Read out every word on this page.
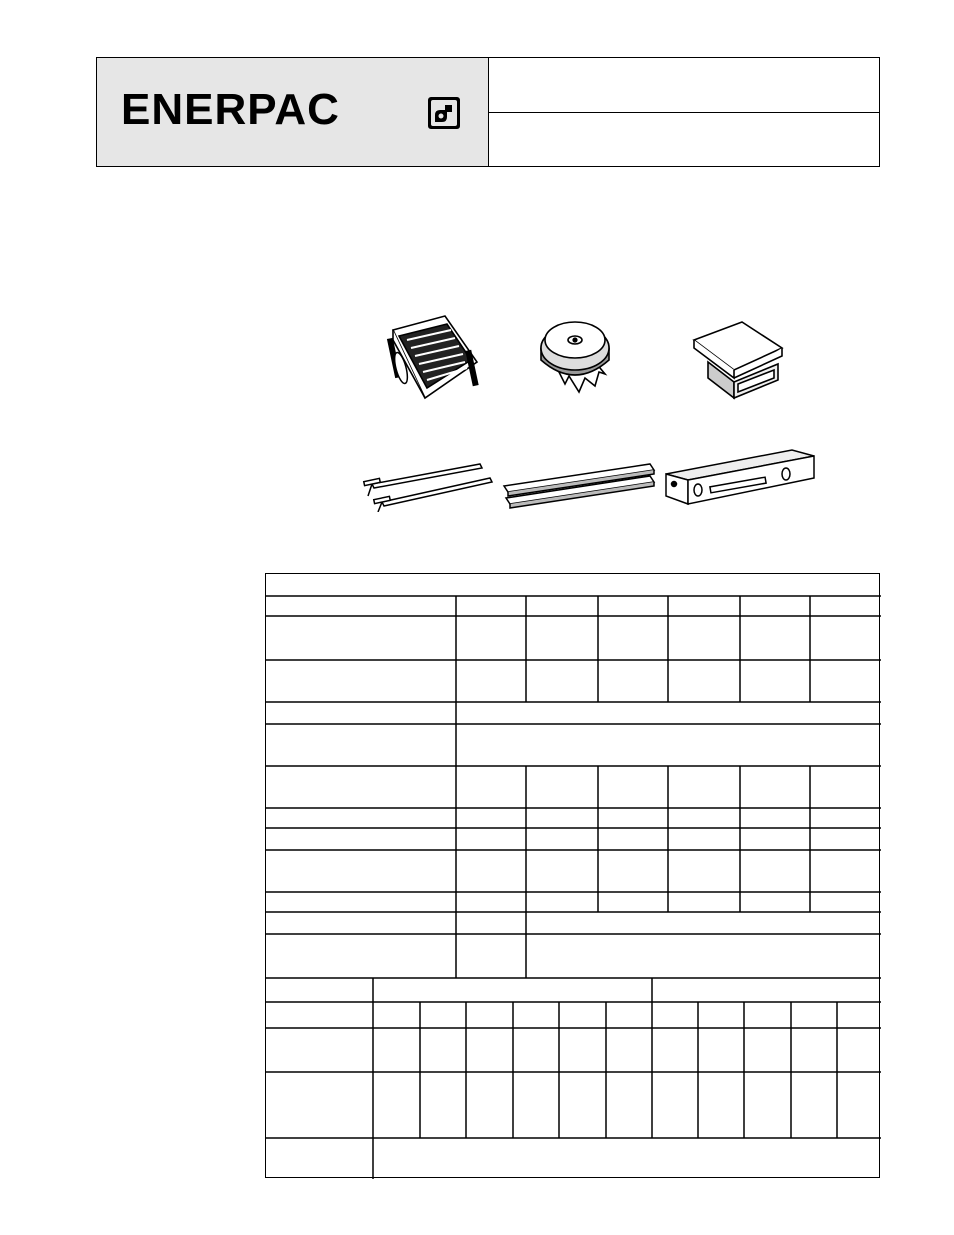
ENERPAC
